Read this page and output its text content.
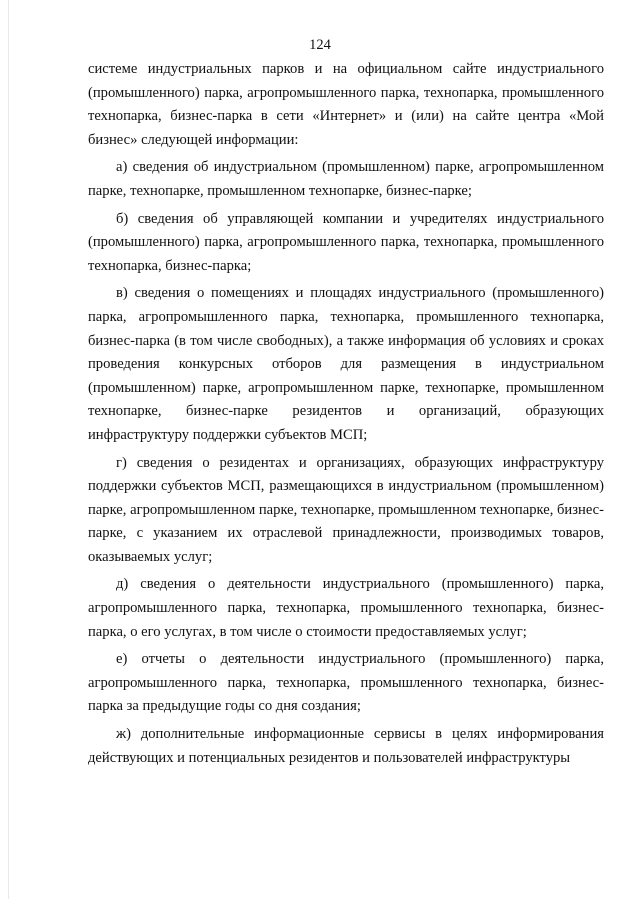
124

системе индустриальных парков и на официальном сайте индустриального (промышленного) парка, агропромышленного парка, технопарка, промышленного технопарка, бизнес-парка в сети «Интернет» и (или) на сайте центра «Мой бизнес» следующей информации:

а) сведения об индустриальном (промышленном) парке, агропромышленном парке, технопарке, промышленном технопарке, бизнес-парке;

б) сведения об управляющей компании и учредителях индустриального (промышленного) парка, агропромышленного парка, технопарка, промышленного технопарка, бизнес-парка;

в) сведения о помещениях и площадях индустриального (промышленного) парка, агропромышленного парка, технопарка, промышленного технопарка, бизнес-парка (в том числе свободных), а также информация об условиях и сроках проведения конкурсных отборов для размещения в индустриальном (промышленном) парке, агропромышленном парке, технопарке, промышленном технопарке, бизнес-парке резидентов и организаций, образующих инфраструктуру поддержки субъектов МСП;

г) сведения о резидентах и организациях, образующих инфраструктуру поддержки субъектов МСП, размещающихся в индустриальном (промышленном) парке, агропромышленном парке, технопарке, промышленном технопарке, бизнес-парке, с указанием их отраслевой принадлежности, производимых товаров, оказываемых услуг;

д) сведения о деятельности индустриального (промышленного) парка, агропромышленного парка, технопарка, промышленного технопарка, бизнес-парка, о его услугах, в том числе о стоимости предоставляемых услуг;

е) отчеты о деятельности индустриального (промышленного) парка, агропромышленного парка, технопарка, промышленного технопарка, бизнес-парка за предыдущие годы со дня создания;

ж) дополнительные информационные сервисы в целях информирования действующих и потенциальных резидентов и пользователей инфраструктуры
